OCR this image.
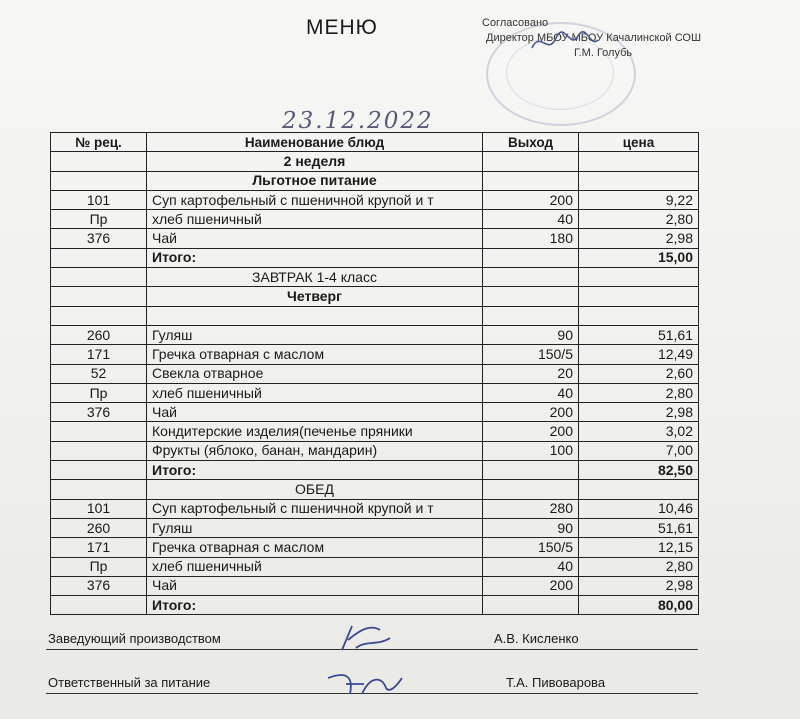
МЕНЮ	Согласовано
Директор МБОУ МБОУ Качалинской СОШ
Г.М. Голубь
23.12.2022
№ рец.	Наименование блюд	Выход	цена
	2 неделя		
	Льготное питание		
101	Суп картофельный с пшеничной крупой и т	200	9,22
Пр	хлеб пшеничный	40	2,80
376	Чай	180	2,98
	Итого:		15,00
	ЗАВТРАК 1-4 класс		
	Четверг		

260	Гуляш	90	51,61
171	Гречка отварная с маслом	150/5	12,49
52	Свекла отварное	20	2,60
Пр	хлеб пшеничный	40	2,80
376	Чай	200	2,98
	Кондитерские изделия(печенье пряники	200	3,02
	Фрукты (яблоко, банан, мандарин)	100	7,00
	Итого:		82,50
	ОБЕД		
101	Суп картофельный с пшеничной крупой и т	280	10,46
260	Гуляш	90	51,61
171	Гречка отварная с маслом	150/5	12,15
Пр	хлеб пшеничный	40	2,80
376	Чай	200	2,98
	Итого:		80,00
Заведующий производством	А.В. Кисленко
Ответственный за питание	Т.А. Пивоварова
